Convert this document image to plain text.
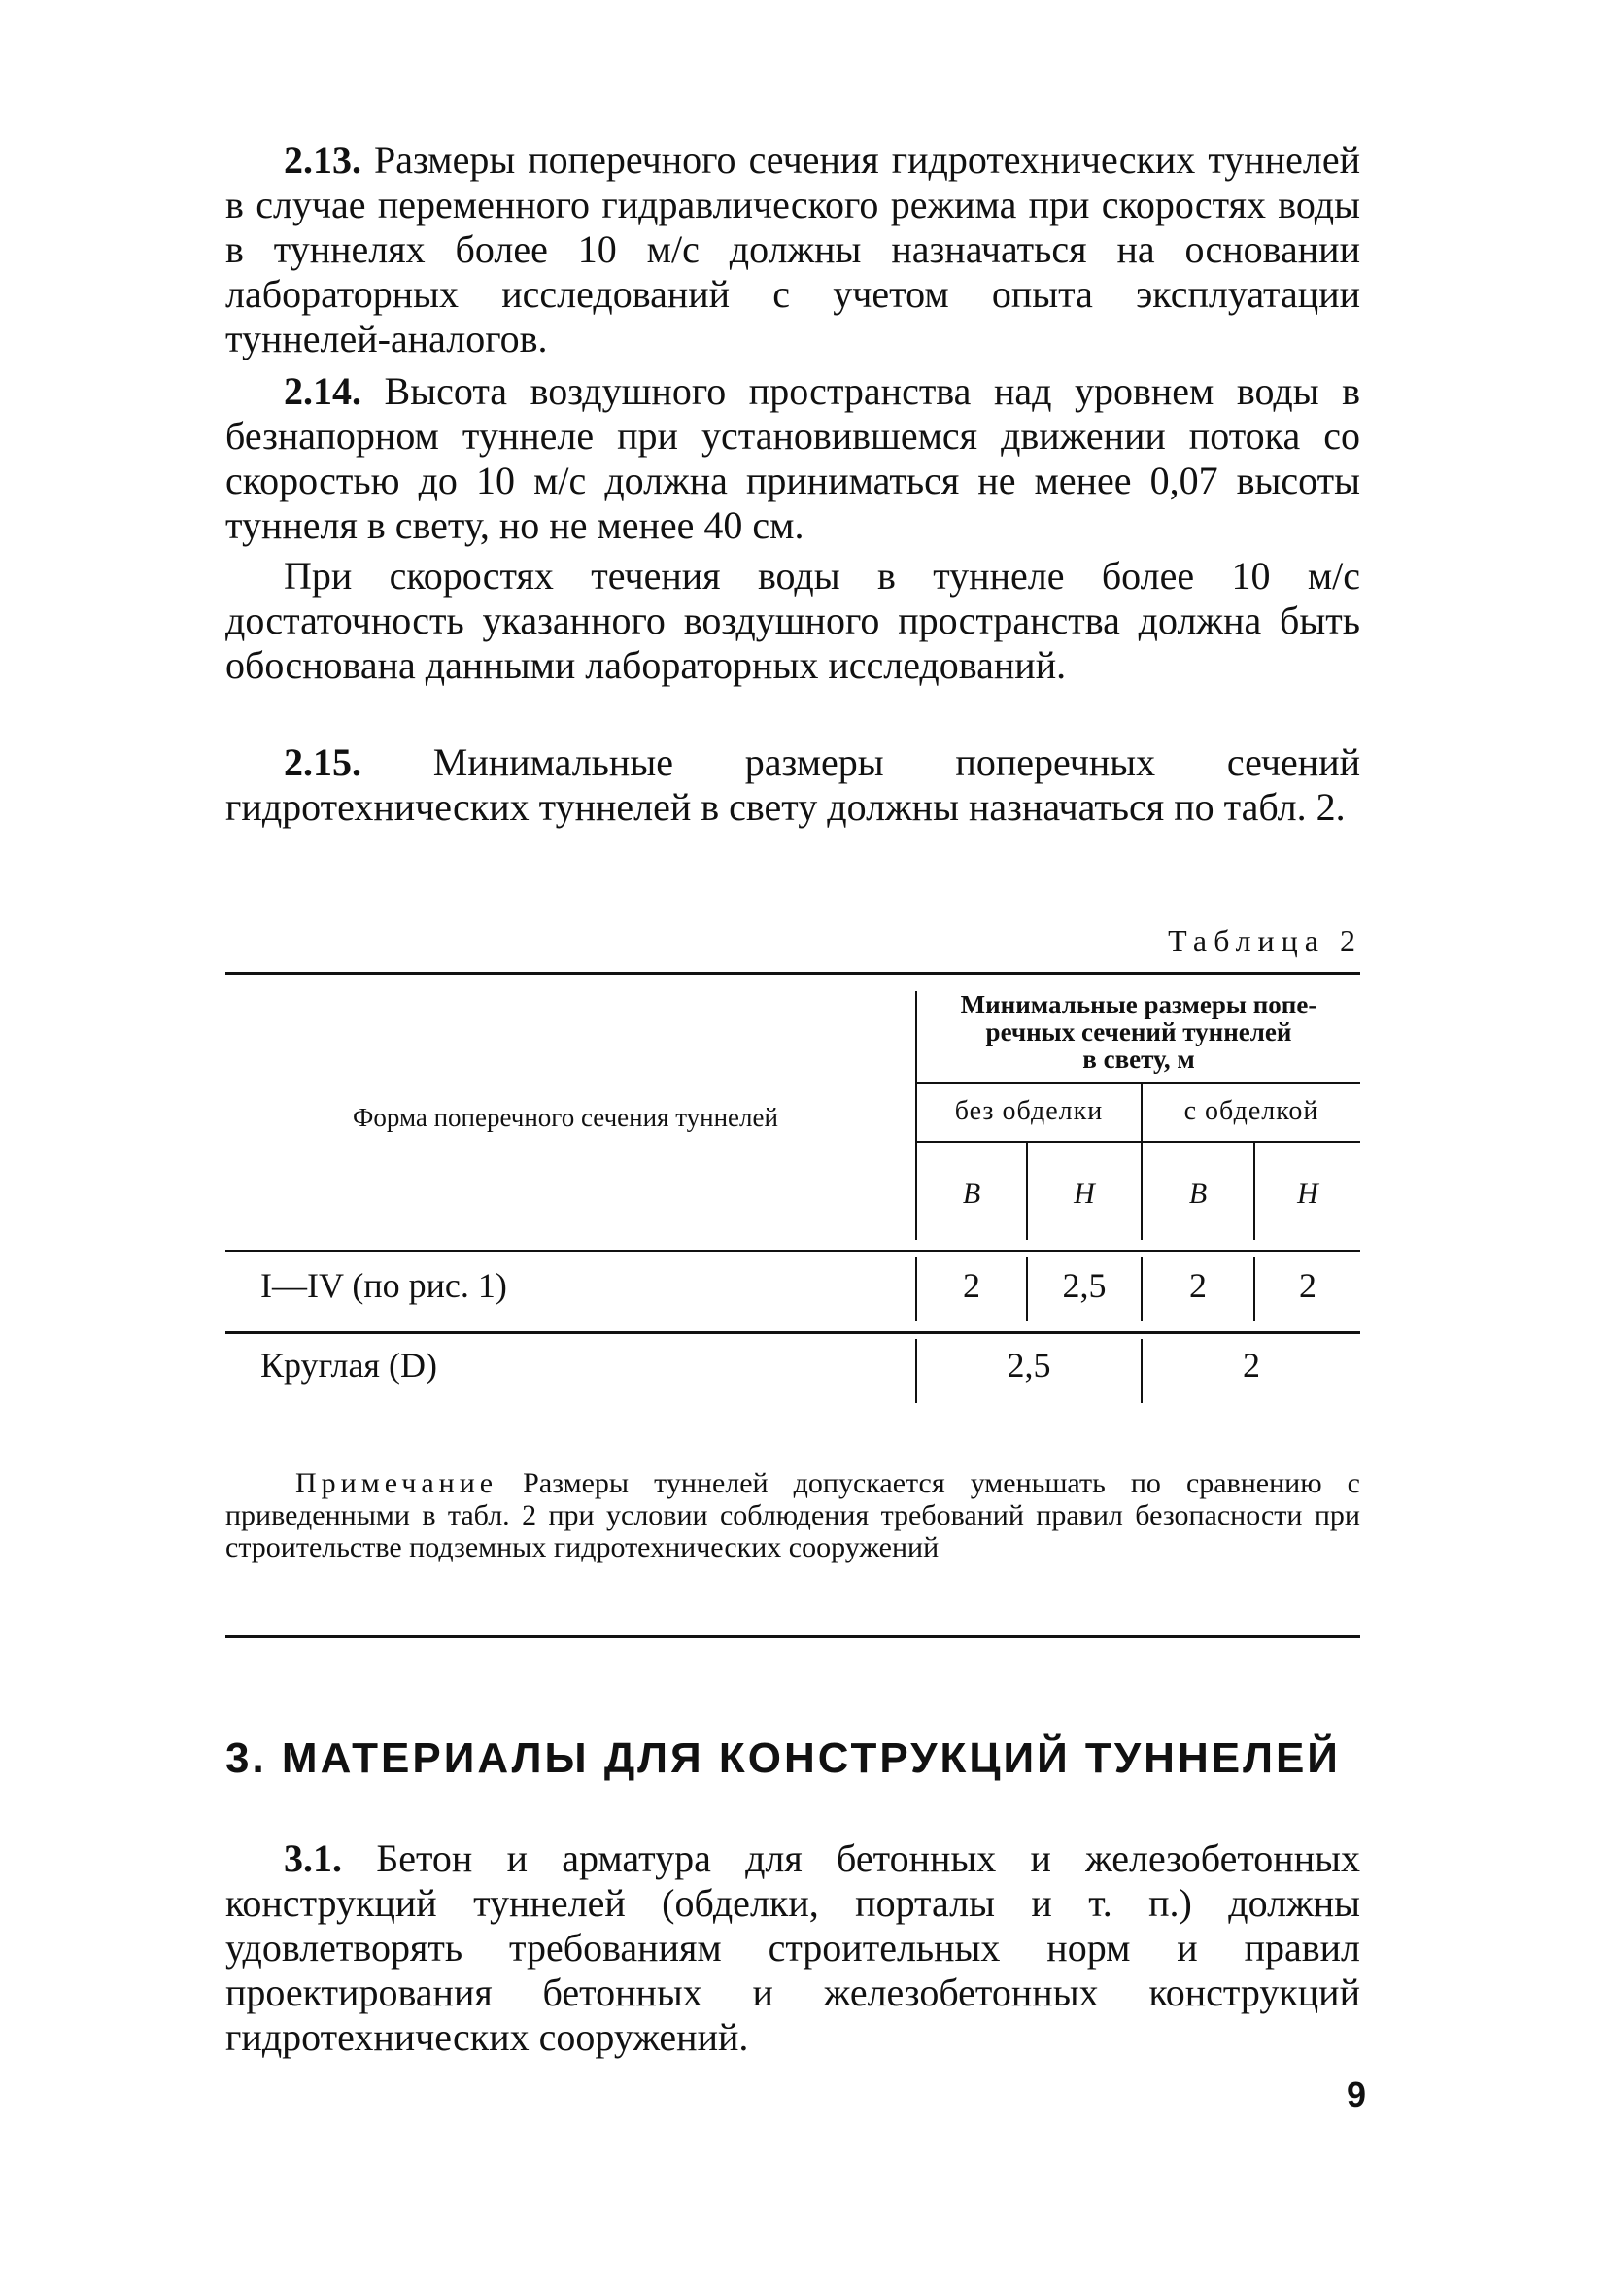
2.13. Размеры поперечного сечения гидротехнических туннелей в случае переменного гидравлического режима при скоростях воды в туннелях более 10 м/с должны назначаться на основании лабораторных исследований с учетом опыта эксплуатации туннелей-аналогов.

2.14. Высота воздушного пространства над уровнем воды в безнапорном туннеле при установившемся движении потока со скоростью до 10 м/с должна приниматься не менее 0,07 высоты туннеля в свету, но не менее 40 см.

При скоростях течения воды в туннеле более 10 м/с достаточность указанного воздушного пространства должна быть обоснована данными лабораторных исследований.

2.15. Минимальные размеры поперечных сечений гидротехнических туннелей в свету должны назначаться по табл. 2.

Таблица 2
Форма поперечного сечения туннелей
Минимальные размеры попе-
речных сечений туннелей
в свету, м
без обделки	с обделкой
B	H	B	H
I—IV (по рис. 1)	2	2,5	2	2
Круглая (D)	2,5	2

Примечание Размеры туннелей допускается уменьшать по сравнению с приведенными в табл. 2 при условии соблюдения требований правил безопасности при строительстве подземных гидротехнических сооружений

3. МАТЕРИАЛЫ ДЛЯ КОНСТРУКЦИЙ ТУННЕЛЕЙ

3.1. Бетон и арматура для бетонных и железобетонных конструкций туннелей (обделки, порталы и т. п.) должны удовлетворять требованиям строительных норм и правил проектирования бетонных и железобетонных конструкций гидротехнических сооружений.

9
